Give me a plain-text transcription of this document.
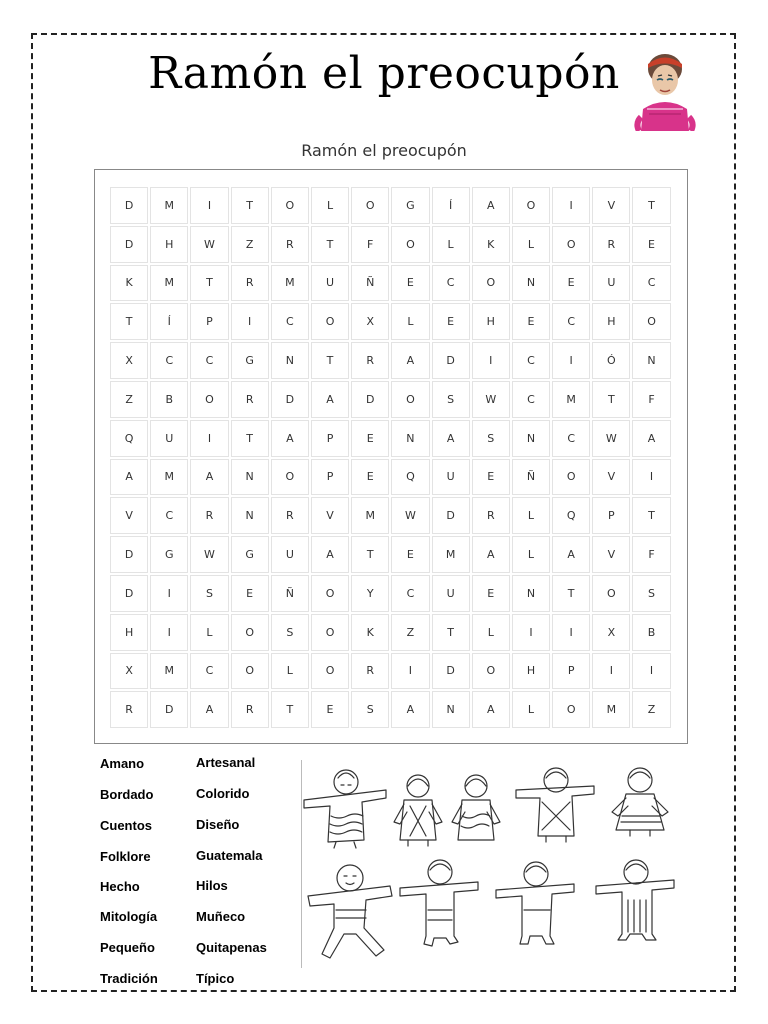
Ramón el preocupón
Ramón el preocupón
D	M	I	T	O	L	O	G	Í	A	O	I	V	T
D	H	W	Z	R	T	F	O	L	K	L	O	R	E
K	M	T	R	M	U	Ñ	E	C	O	N	E	U	C
T	Í	P	I	C	O	X	L	E	H	E	C	H	O
X	C	C	G	N	T	R	A	D	I	C	I	Ó	N
Z	B	O	R	D	A	D	O	S	W	C	M	T	F
Q	U	I	T	A	P	E	N	A	S	N	C	W	A
A	M	A	N	O	P	E	Q	U	E	Ñ	O	V	I
V	C	R	N	R	V	M	W	D	R	L	Q	P	T
D	G	W	G	U	A	T	E	M	A	L	A	V	F
D	I	S	E	Ñ	O	Y	C	U	E	N	T	O	S
H	I	L	O	S	O	K	Z	T	L	I	I	X	B
X	M	C	O	L	O	R	I	D	O	H	P	I	I
R	D	A	R	T	E	S	A	N	A	L	O	M	Z
Amano
Bordado
Cuentos
Folklore
Hecho
Mitología
Pequeño
Tradición
Artesanal
Colorido
Diseño
Guatemala
Hilos
Muñeco
Quitapenas
Típico
